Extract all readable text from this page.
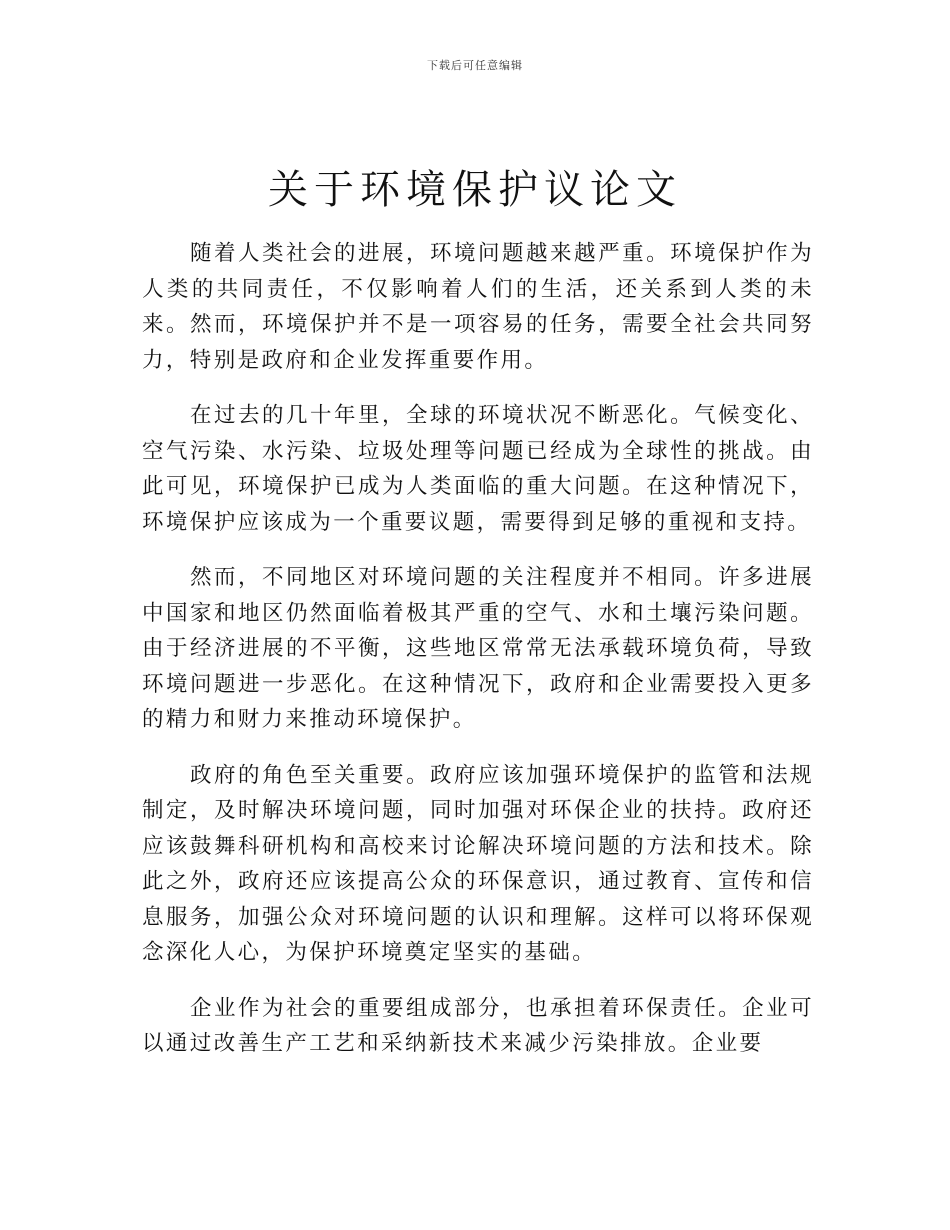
下载后可任意编辑
关于环境保护议论文

随着人类社会的进展，环境问题越来越严重。环境保护作为人类的共同责任，不仅影响着人们的生活，还关系到人类的未来。然而，环境保护并不是一项容易的任务，需要全社会共同努力，特别是政府和企业发挥重要作用。

在过去的几十年里，全球的环境状况不断恶化。气候变化、空气污染、水污染、垃圾处理等问题已经成为全球性的挑战。由此可见，环境保护已成为人类面临的重大问题。在这种情况下，环境保护应该成为一个重要议题，需要得到足够的重视和支持。

然而，不同地区对环境问题的关注程度并不相同。许多进展中国家和地区仍然面临着极其严重的空气、水和土壤污染问题。由于经济进展的不平衡，这些地区常常无法承载环境负荷，导致环境问题进一步恶化。在这种情况下，政府和企业需要投入更多的精力和财力来推动环境保护。

政府的角色至关重要。政府应该加强环境保护的监管和法规制定，及时解决环境问题，同时加强对环保企业的扶持。政府还应该鼓舞科研机构和高校来讨论解决环境问题的方法和技术。除此之外，政府还应该提高公众的环保意识，通过教育、宣传和信息服务，加强公众对环境问题的认识和理解。这样可以将环保观念深化人心，为保护环境奠定坚实的基础。

企业作为社会的重要组成部分，也承担着环保责任。企业可以通过改善生产工艺和采纳新技术来减少污染排放。企业要
